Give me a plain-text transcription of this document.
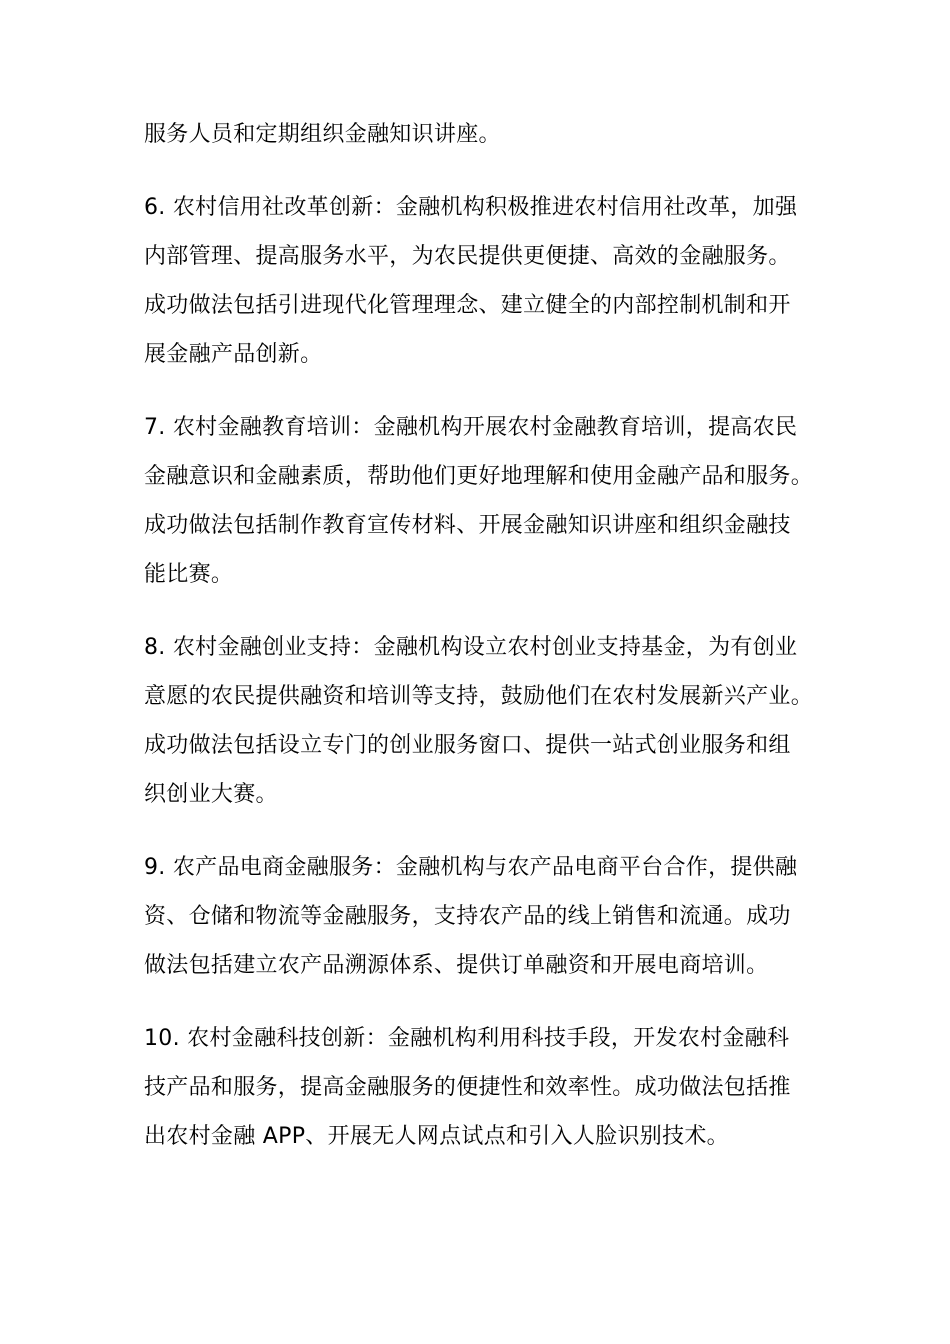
服务人员和定期组织金融知识讲座。

6. 农村信用社改革创新：金融机构积极推进农村信用社改革，加强
内部管理、提高服务水平，为农民提供更便捷、高效的金融服务。
成功做法包括引进现代化管理理念、建立健全的内部控制机制和开
展金融产品创新。

7. 农村金融教育培训：金融机构开展农村金融教育培训，提高农民
金融意识和金融素质，帮助他们更好地理解和使用金融产品和服务。
成功做法包括制作教育宣传材料、开展金融知识讲座和组织金融技
能比赛。

8. 农村金融创业支持：金融机构设立农村创业支持基金，为有创业
意愿的农民提供融资和培训等支持，鼓励他们在农村发展新兴产业。
成功做法包括设立专门的创业服务窗口、提供一站式创业服务和组
织创业大赛。

9. 农产品电商金融服务：金融机构与农产品电商平台合作，提供融
资、仓储和物流等金融服务，支持农产品的线上销售和流通。成功
做法包括建立农产品溯源体系、提供订单融资和开展电商培训。

10. 农村金融科技创新：金融机构利用科技手段，开发农村金融科
技产品和服务，提高金融服务的便捷性和效率性。成功做法包括推
出农村金融 APP、开展无人网点试点和引入人脸识别技术。
